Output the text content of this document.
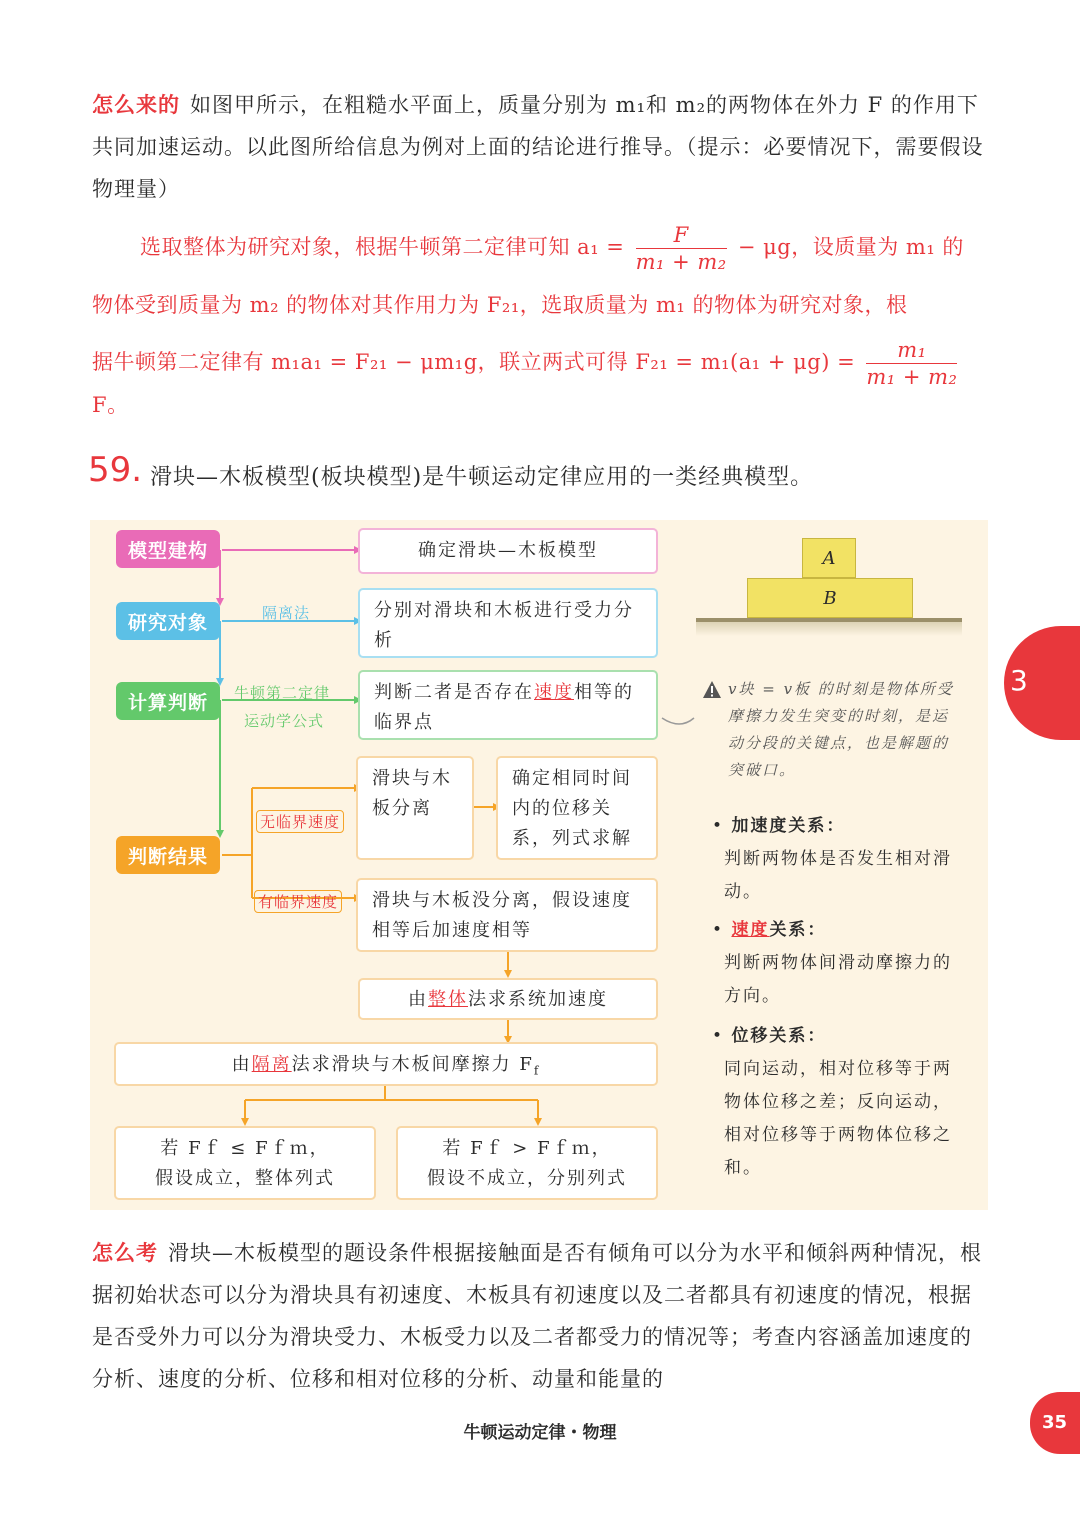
怎么来的 如图甲所示，在粗糙水平面上，质量分别为 m₁和 m₂的两物体在外力 F 的作用下共同加速运动。以此图所给信息为例对上面的结论进行推导。（提示：必要情况下，需要假设物理量）
选取整体为研究对象，根据牛顿第二定律可知 $a_1 = \frac{F}{\text{m₁ + m₂}} - \mu g$，设质量为 m₁ 的
物体受到质量为 m₂ 的物体对其作用力为 F₂₁，选取质量为 m₁ 的物体为研究对象，根
据牛顿第二定律有 m₁a₁ = F₂₁ − μm₁g，联立两式可得 $F_{21} = m_1(a_1 + \mu g) = \frac{\text{m₁}}{\text{m₁ + m₂}}$
F。
59. 滑块—木板模型(板块模型)是牛顿运动定律应用的一类经典模型。
模型建构
研究对象
计算判断
判断结果
隔离法
牛顿第二定律
运动学公式
无临界速度
有临界速度
确定滑块—木板模型
分别对滑块和木板进行受力分析
判断二者是否存在速度相等的临界点
滑块与木板分离
确定相同时间内的位移关系，列式求解
滑块与木板没分离，假设速度相等后加速度相等
由整体法求系统加速度
由隔离法求滑块与木板间摩擦力 $F_f$
若 Fｆ ≤ Fｆｍ，
假设成立，整体列式
若 Fｆ > Fｆｍ，
假设不成立，分别列式
A
B
v块 = v板 的时刻是物体所受摩擦力发生突变的时刻，是运动分段的关键点，也是解题的突破口。
• 加速度关系：
判断两物体是否发生相对滑动。
• 速度关系：
判断两物体间滑动摩擦力的方向。
• 位移关系：
同向运动，相对位移等于两物体位移之差；反向运动，相对位移等于两物体位移之和。
3
怎么考 滑块—木板模型的题设条件根据接触面是否有倾角可以分为水平和倾斜两种情况，根据初始状态可以分为滑块具有初速度、木板具有初速度以及二者都具有初速度的情况，根据是否受外力可以分为滑块受力、木板受力以及二者都受力的情况等；考查内容涵盖加速度的分析、速度的分析、位移和相对位移的分析、动量和能量的
牛顿运动定律・物理	35
